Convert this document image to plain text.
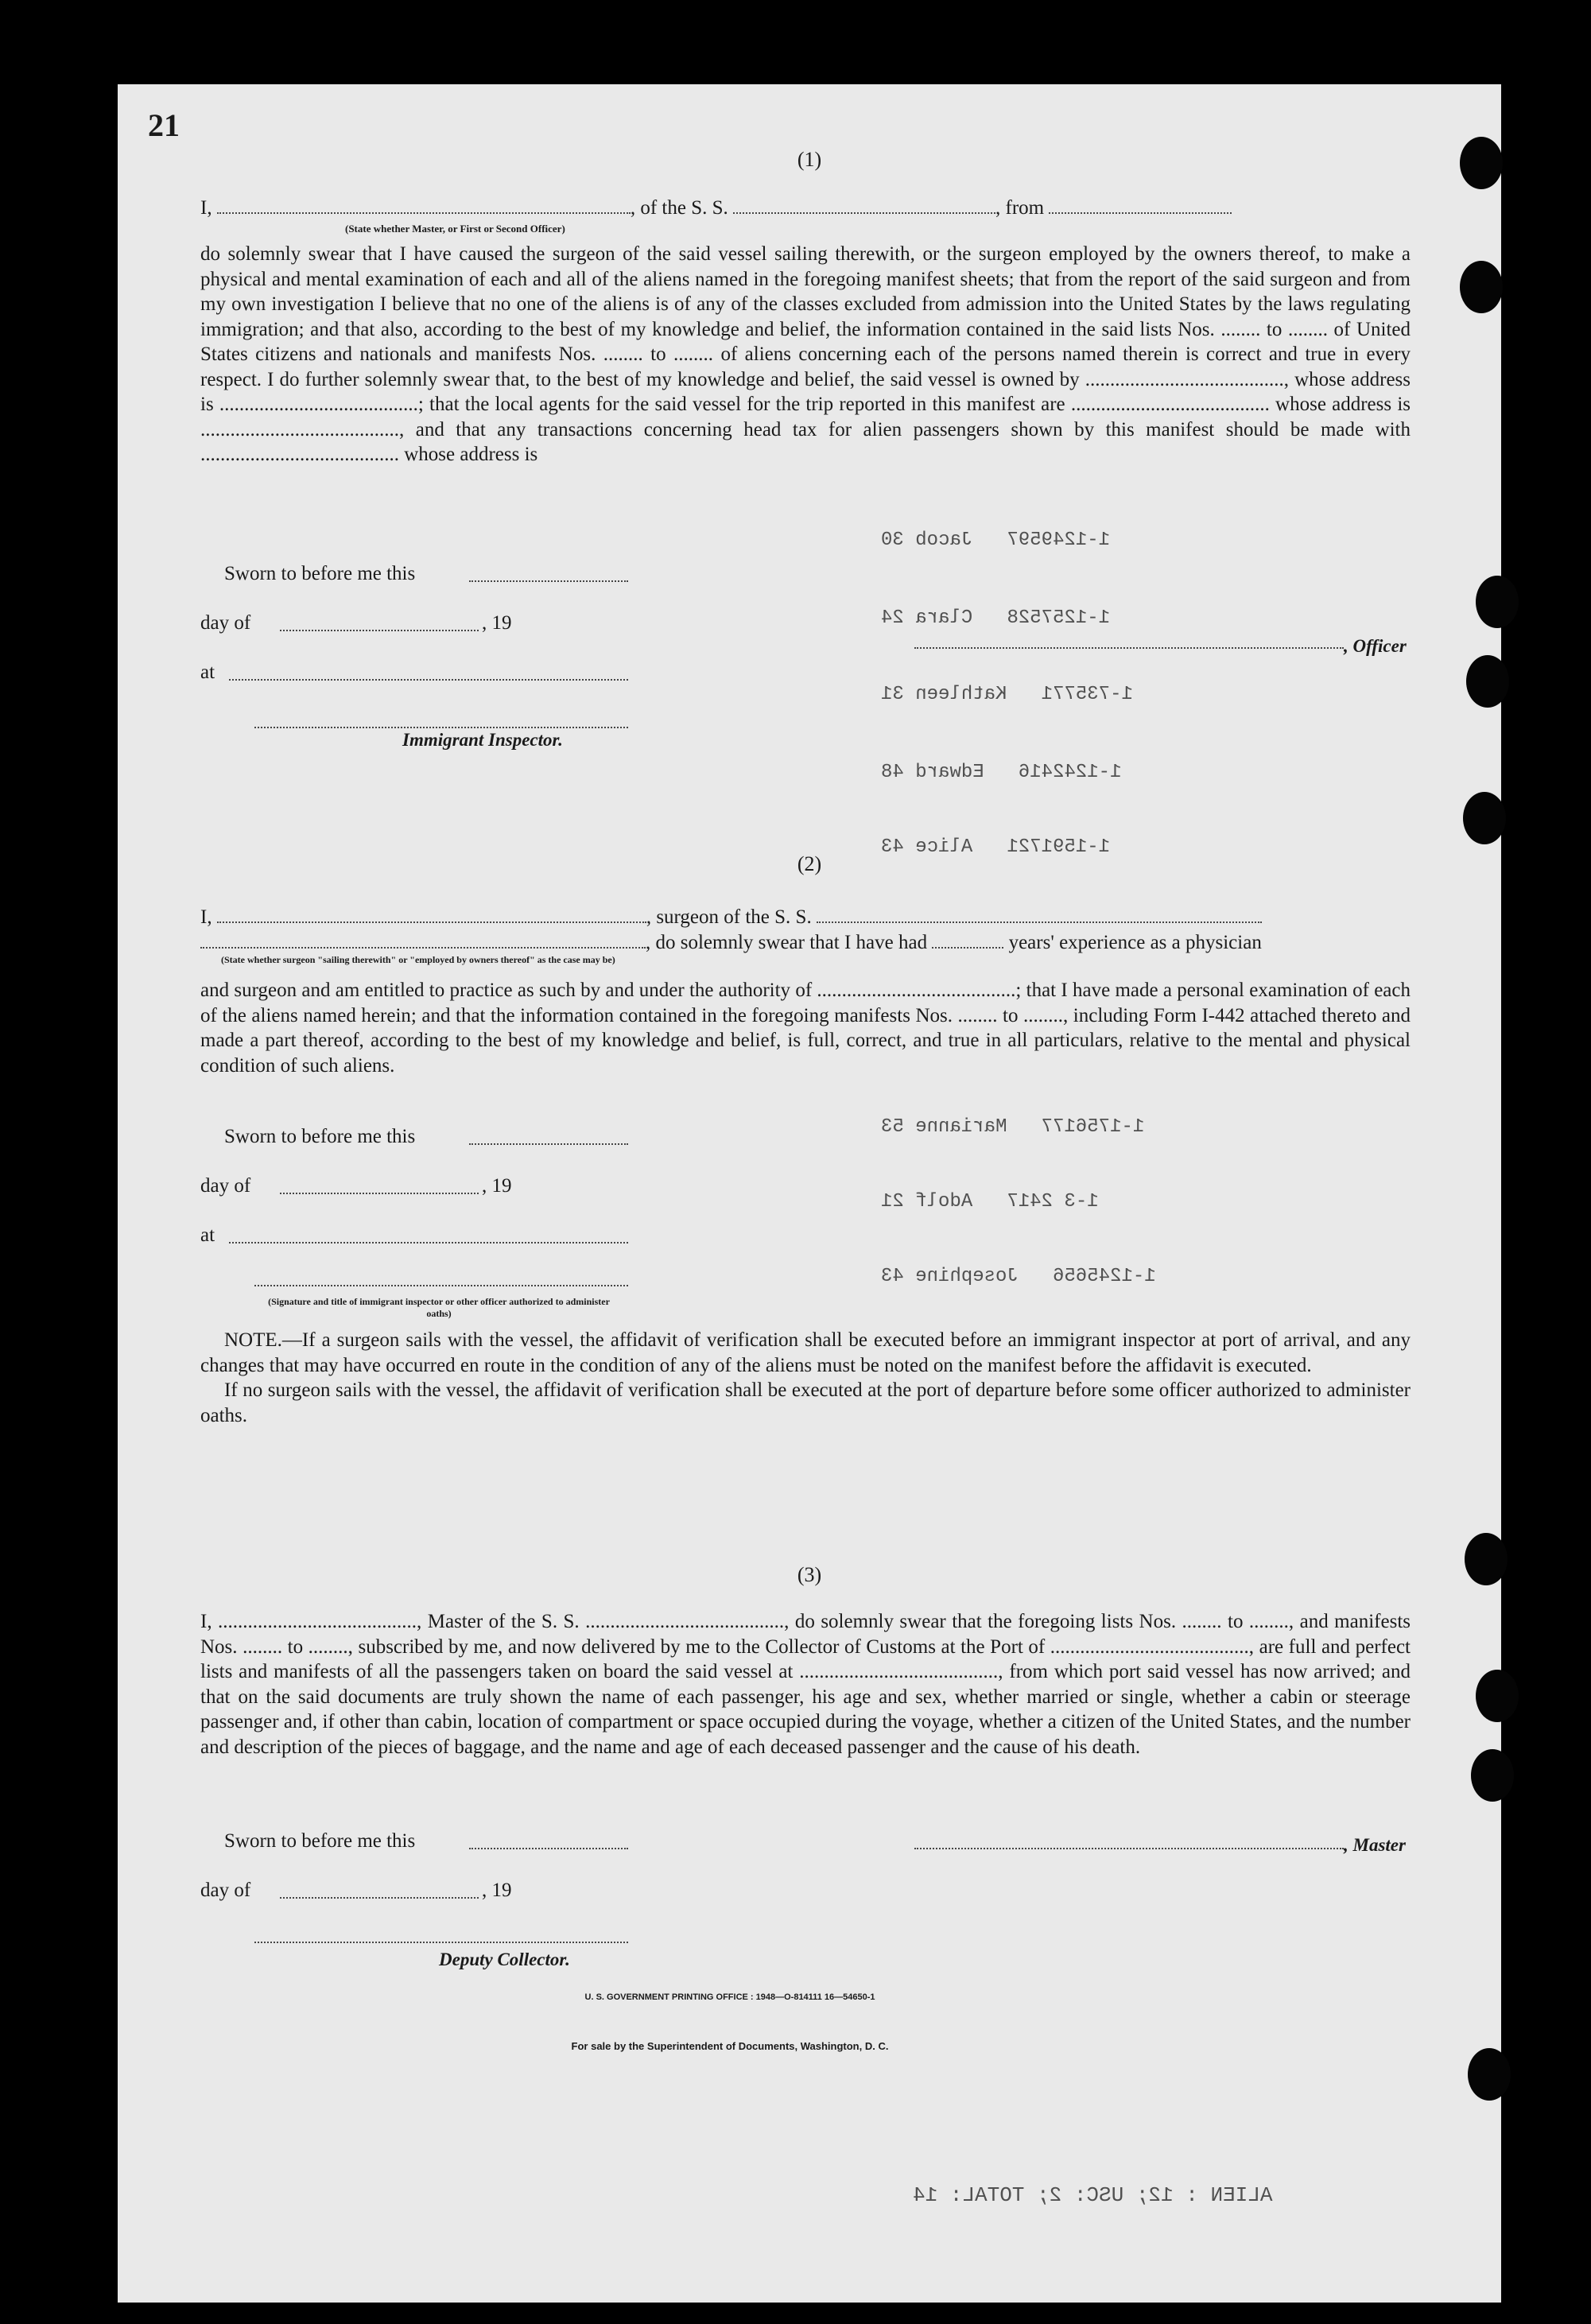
21
1-1249597   Jacob 30
1-1257528   Clara 24
1-735771   Kathleen 31
1-1242416   Edward 48
1-1591721   Alice 43
1-1756177   Marianne 53
1-3 2417   Adolf 21
1-1245656   Josephine 43
ALIEN : 12; USC: 2; TOTAL: 14
(1)
I,	, of the S. S.	, from
(State whether Master, or First or Second Officer)

do solemnly swear that I have caused the surgeon of the said vessel sailing therewith, or the surgeon employed by the owners thereof, to make a physical and mental examination of each and all of the aliens named in the foregoing manifest sheets; that from the report of the said surgeon and from my own investigation I believe that no one of the aliens is of any of the classes excluded from admission into the United States by the laws regulating immigration; and that also, according to the best of my knowledge and belief, the information contained in the said lists Nos. ........ to ........ of United States citizens and nationals and manifests Nos. ........ to ........ of aliens concerning each of the persons named therein is correct and true in every respect. I do further solemnly swear that, to the best of my knowledge and belief, the said vessel is owned by ........................................, whose address is ........................................; that the local agents for the said vessel for the trip reported in this manifest are ........................................ whose address is ........................................, and that any transactions concerning head tax for alien passengers shown by this manifest should be made with ........................................ whose address is

Sworn to before me this
day of	, 19
at
Immigrant Inspector.
, Officer
(2)
I,	, surgeon of the S. S.
, do solemnly swear that I have had	years' experience as a physician
(State whether surgeon "sailing therewith" or "employed by owners thereof" as the case may be)

and surgeon and am entitled to practice as such by and under the authority of ........................................; that I have made a personal examination of each of the aliens named herein; and that the information contained in the foregoing manifests Nos. ........ to ........, including Form I-442 attached thereto and made a part thereof, according to the best of my knowledge and belief, is full, correct, and true in all particulars, relative to the mental and physical condition of such aliens.

Sworn to before me this
day of	, 19
at
(Signature and title of immigrant inspector or other officer authorized to administer oaths)

NOTE.—If a surgeon sails with the vessel, the affidavit of verification shall be executed before an immigrant inspector at port of arrival, and any changes that may have occurred en route in the condition of any of the aliens must be noted on the manifest before the affidavit is executed.

If no surgeon sails with the vessel, the affidavit of verification shall be executed at the port of departure before some officer authorized to administer oaths.

(3)

I, ........................................, Master of the S. S. ........................................, do solemnly swear that the foregoing lists Nos. ........ to ........, and manifests Nos. ........ to ........, subscribed by me, and now delivered by me to the Collector of Customs at the Port of ........................................, are full and perfect lists and manifests of all the passengers taken on board the said vessel at ........................................, from which port said vessel has now arrived; and that on the said documents are truly shown the name of each passenger, his age and sex, whether married or single, whether a cabin or steerage passenger and, if other than cabin, location of compartment or space occupied during the voyage, whether a citizen of the United States, and the number and description of the pieces of baggage, and the name and age of each deceased passenger and the cause of his death.

Sworn to before me this	, Master
day of	, 19
Deputy Collector.
U. S. GOVERNMENT PRINTING OFFICE : 1948—O-814111 16—54650-1
For sale by the Superintendent of Documents, Washington, D. C.
